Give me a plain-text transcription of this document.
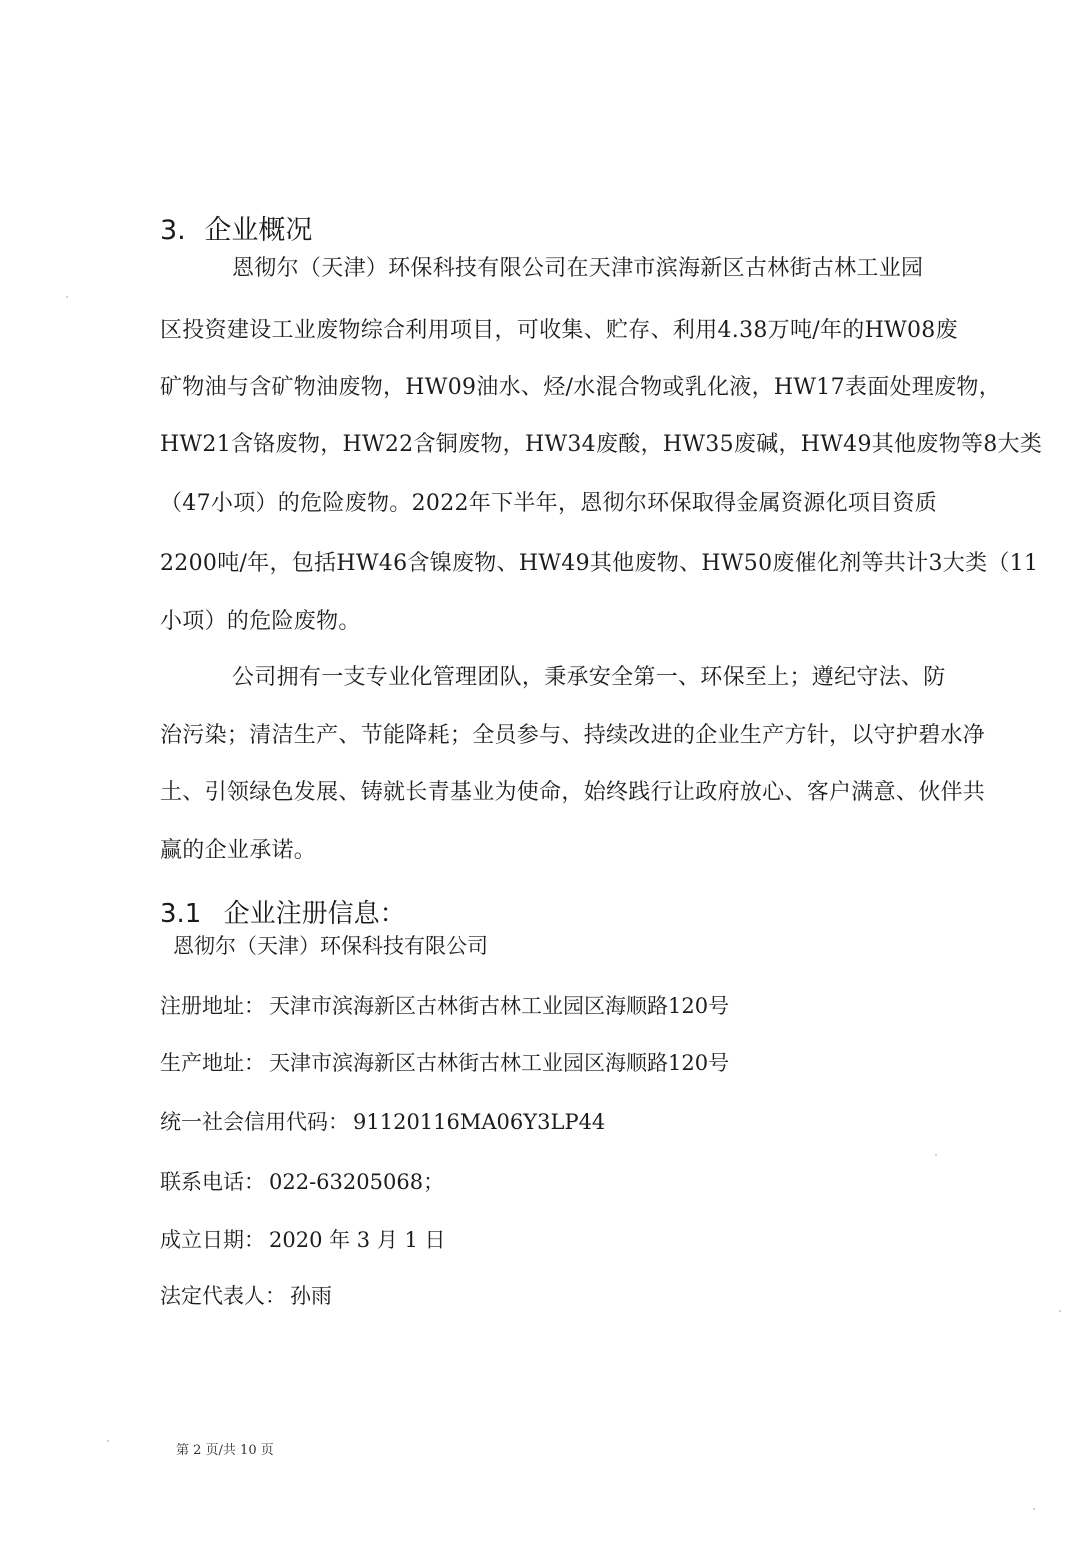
3. 企业概况
恩彻尔（天津）环保科技有限公司在天津市滨海新区古林街古林工业园
区投资建设工业废物综合利用项目，可收集、贮存、利用4.38万吨/年的HW08废
矿物油与含矿物油废物，HW09油水、烃/水混合物或乳化液，HW17表面处理废物，
HW21含铬废物，HW22含铜废物，HW34废酸，HW35废碱，HW49其他废物等8大类
（47小项）的危险废物。2022年下半年，恩彻尔环保取得金属资源化项目资质
2200吨/年，包括HW46含镍废物、HW49其他废物、HW50废催化剂等共计3大类（11
小项）的危险废物。
公司拥有一支专业化管理团队，秉承安全第一、环保至上；遵纪守法、防
治污染；清洁生产、节能降耗；全员参与、持续改进的企业生产方针，以守护碧水净
土、引领绿色发展、铸就长青基业为使命，始终践行让政府放心、客户满意、伙伴共
赢的企业承诺。
3.1 企业注册信息：
恩彻尔（天津）环保科技有限公司
注册地址： 天津市滨海新区古林街古林工业园区海顺路120号
生产地址： 天津市滨海新区古林街古林工业园区海顺路120号
统一社会信用代码： 91120116MA06Y3LP44
联系电话： 022-63205068；
成立日期： 2020 年 3 月 1 日
法定代表人： 孙雨
第 2 页/共 10 页
